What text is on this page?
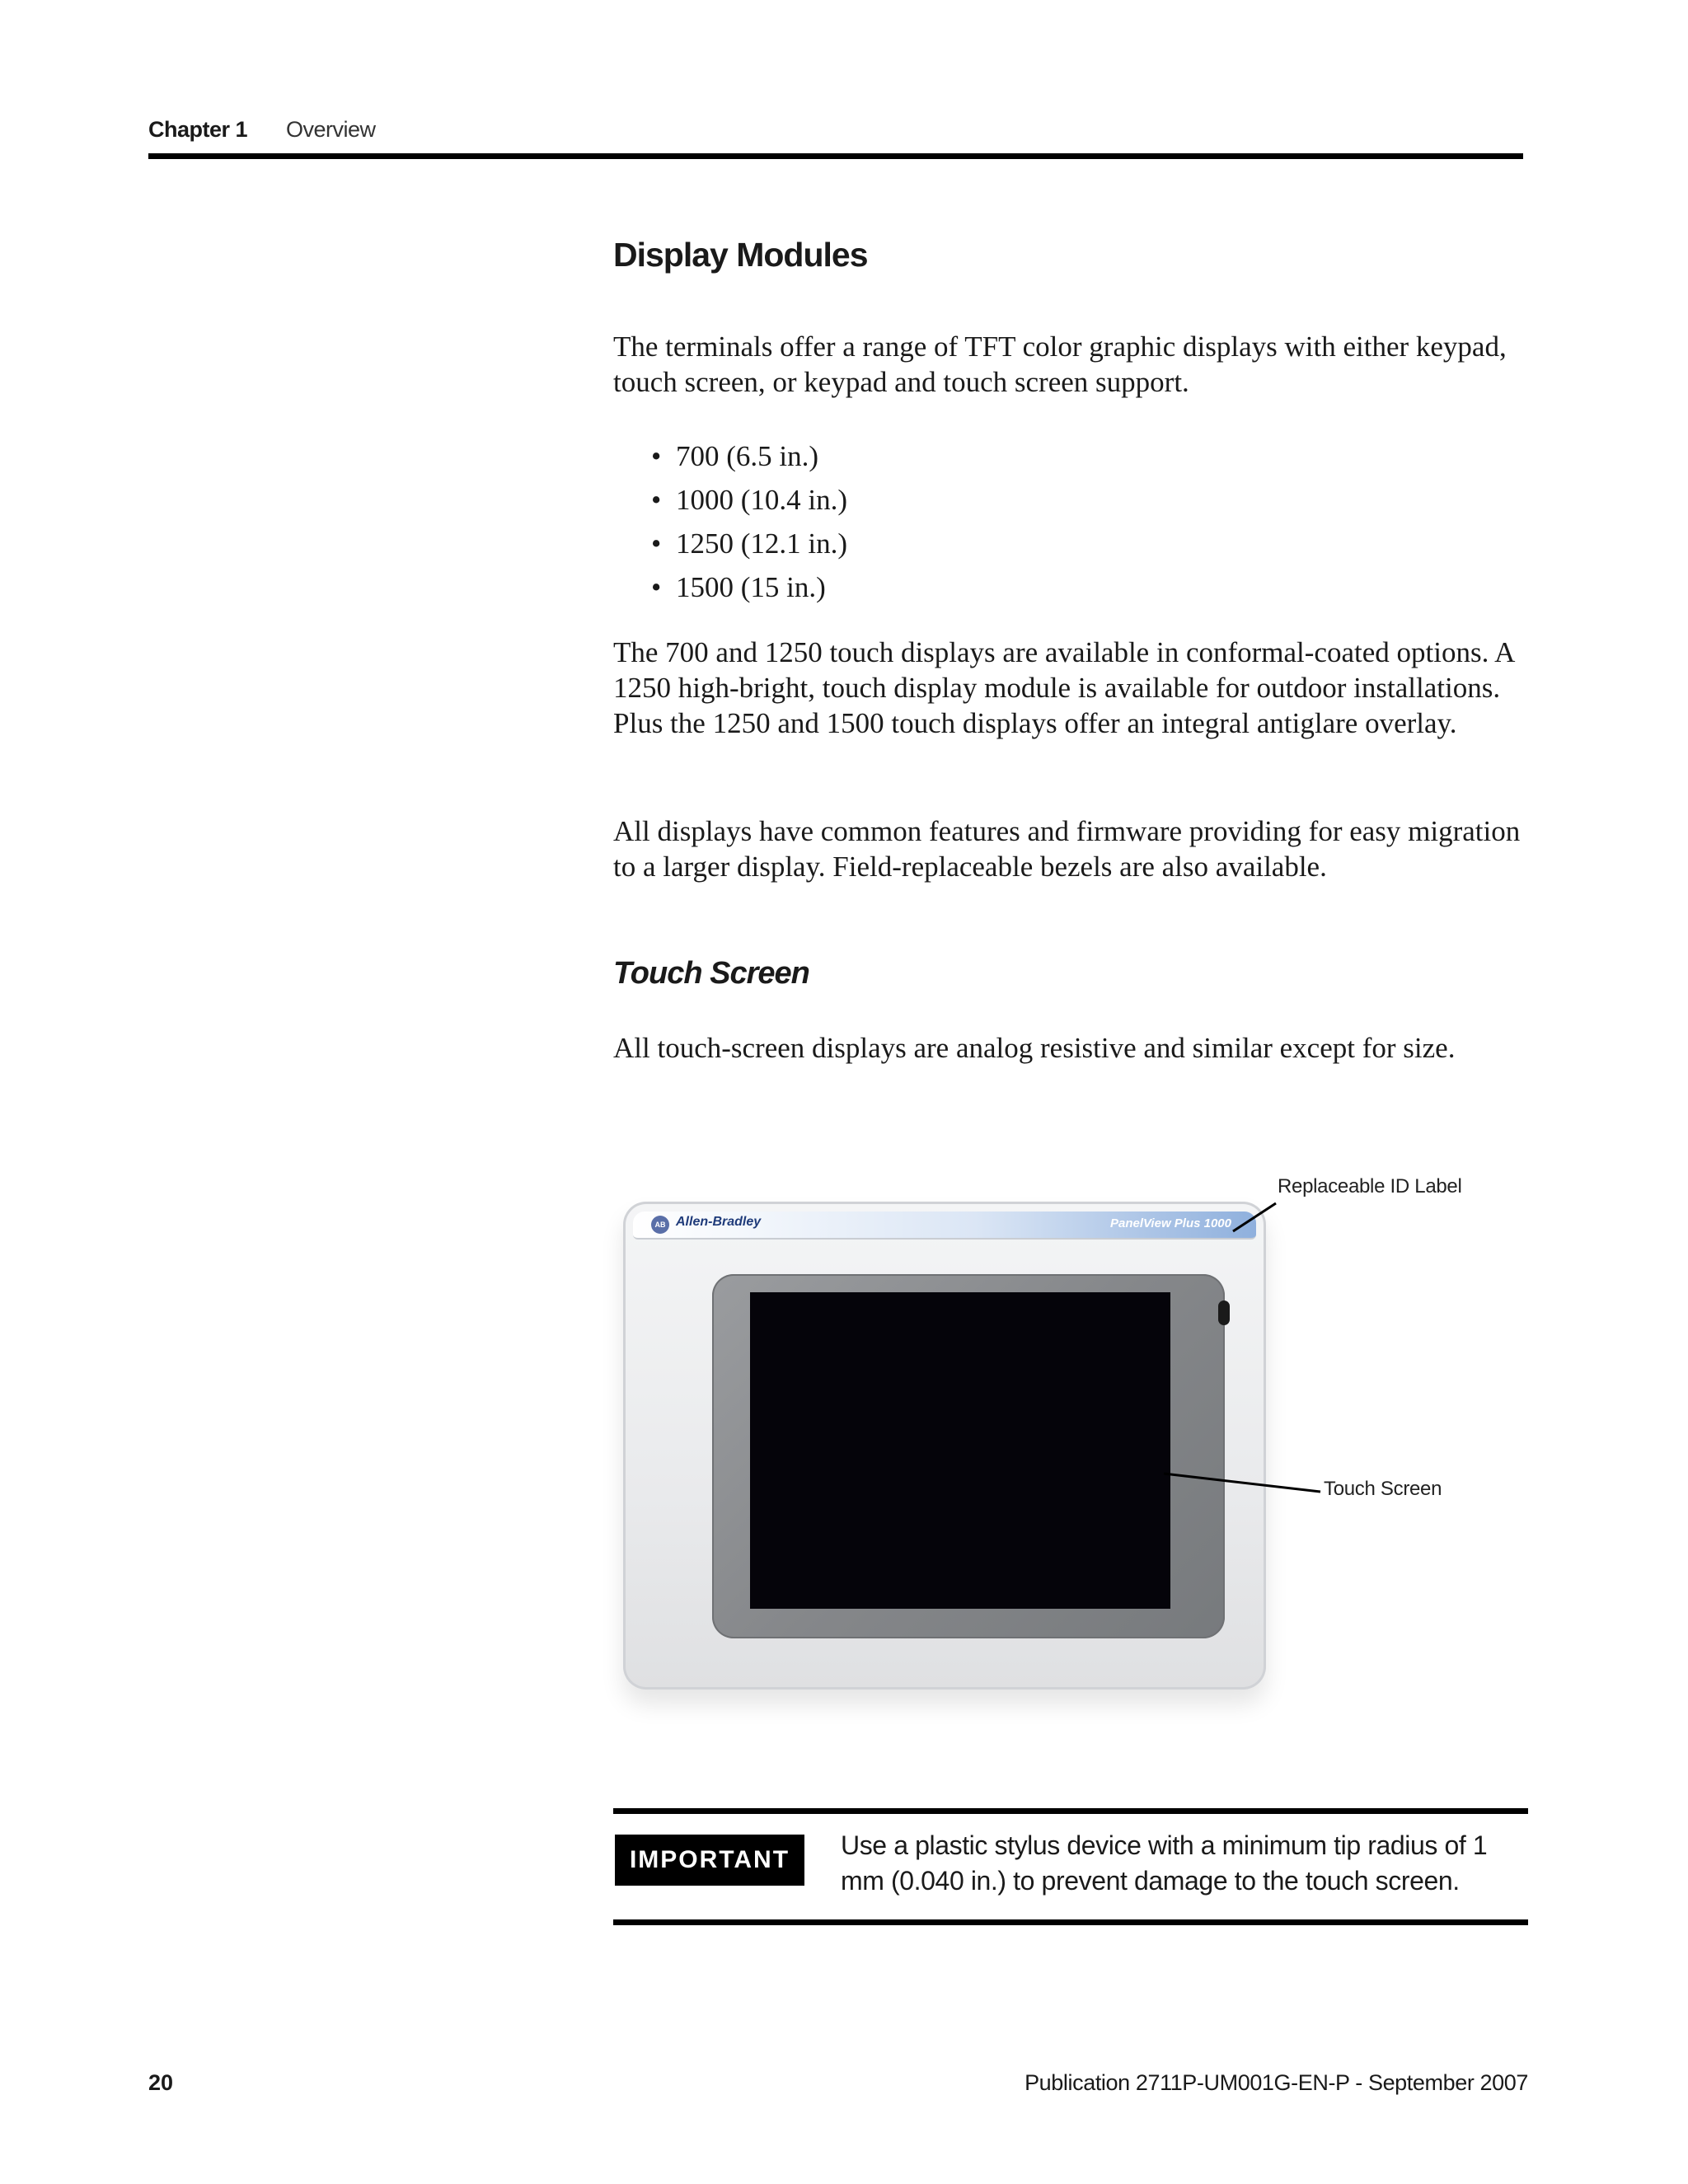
Chapter 1 Overview
Display Modules

The terminals offer a range of TFT color graphic displays with either keypad, touch screen, or keypad and touch screen support.

• 700 (6.5 in.)
• 1000 (10.4 in.)
• 1250 (12.1 in.)
• 1500 (15 in.)

The 700 and 1250 touch displays are available in conformal-coated options. A 1250 high-bright, touch display module is available for outdoor installations. Plus the 1250 and 1500 touch displays offer an integral antiglare overlay.

All displays have common features and firmware providing for easy migration to a larger display. Field-replaceable bezels are also available.

Touch Screen

All touch-screen displays are analog resistive and similar except for size.

AB Allen-Bradley	PanelView Plus 1000
Replaceable ID Label
Touch Screen
IMPORTANT	Use a plastic stylus device with a minimum tip radius of 1 mm (0.040 in.) to prevent damage to the touch screen.

20	Publication 2711P-UM001G-EN-P - September 2007
